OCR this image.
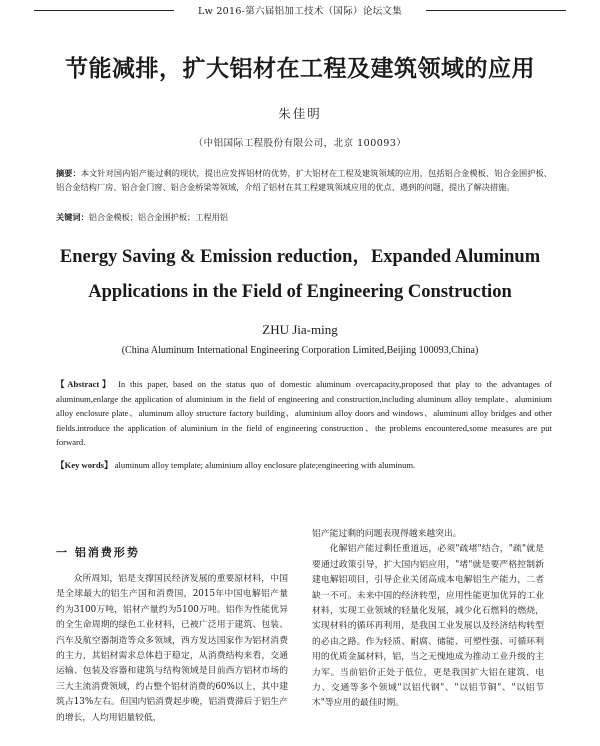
Lw 2016-第六届铝加工技术（国际）论坛文集
节能减排，扩大铝材在工程及建筑领域的应用
朱佳明
（中铝国际工程股份有限公司，北京 100093）
摘要：本文针对国内铝产能过剩的现状，提出应发挥铝材的优势，扩大铝材在工程及建筑领域的应用，包括铝合金模板、铝合金围护板、铝合金结构厂房、铝合金门窗、铝合金桥梁等领域，介绍了铝材在其工程建筑领域应用的优点、遇到的问题，提出了解决措施。
关键词：铝合金模板；铝合金围护板；工程用铝
Energy Saving & Emission reduction，Expanded Aluminum
Applications in the Field of Engineering Construction
ZHU Jia-ming
(China Aluminum International Engineering Corporation Limited,Beijing 100093,China)
【Abstract】 In this paper, based on the status quo of domestic aluminum overcapacity,proposed that play to the advantages of aluminum,enlarge the application of aluminium in the field of engineering and construction,including aluminum alloy template、aluminium alloy enclosure plate、aluminum alloy structure factory building、aluminium alloy doors and windows、aluminum alloy bridges and other fields.introduce the application of aluminium in the field of engineering construction、the problems encountered,some measures are put forward.
【Key words】 aluminum alloy template; aluminium alloy enclosure plate;engineering with aluminum.
一 铝消费形势

众所周知，铝是支撑国民经济发展的重要原材料，中国是全球最大的铝生产国和消费国，2015年中国电解铝产量约为3100万吨，铝材产量约为5100万吨。铝作为性能优异的全生命周期的绿色工业材料，已被广泛用于建筑、包装、汽车及航空器制造等众多领域，西方发达国家作为铝材消费的主力，其铝材需求总体趋于稳定，从消费结构来看，交通运输、包装及容器和建筑与结构领域是目前西方铝材市场的三大主流消费领域，约占整个铝材消费的60%以上，其中建筑占13%左右。但国内铝消费起步晚，铝消费滞后于铝生产的增长，人均用铝量较低，

铝产能过剩的问题表现得越来越突出。

化解铝产能过剩任重道远，必须"疏堵"结合，"疏"就是要通过政策引导，扩大国内铝应用，"堵"就是要严格控制新建电解铝项目，引导企业关闭高成本电解铝生产能力，二者缺一不可。未来中国的经济转型，应用性能更加优异的工业材料，实现工业领域的轻量化发展，减少化石燃料的燃烧，实现材料的循环再利用，是我国工业发展以及经济结构转型的必由之路。作为轻质、耐腐、储能、可塑性强、可循环利用的优质金属材料，铝，当之无愧地成为推动工业升级的主力军。当前铝价正处于低位，更是我国扩大铝在建筑、电力、交通等多个领域"以铝代钢"、"以铝节铜"、"以铝节木"等应用的最佳时期。
